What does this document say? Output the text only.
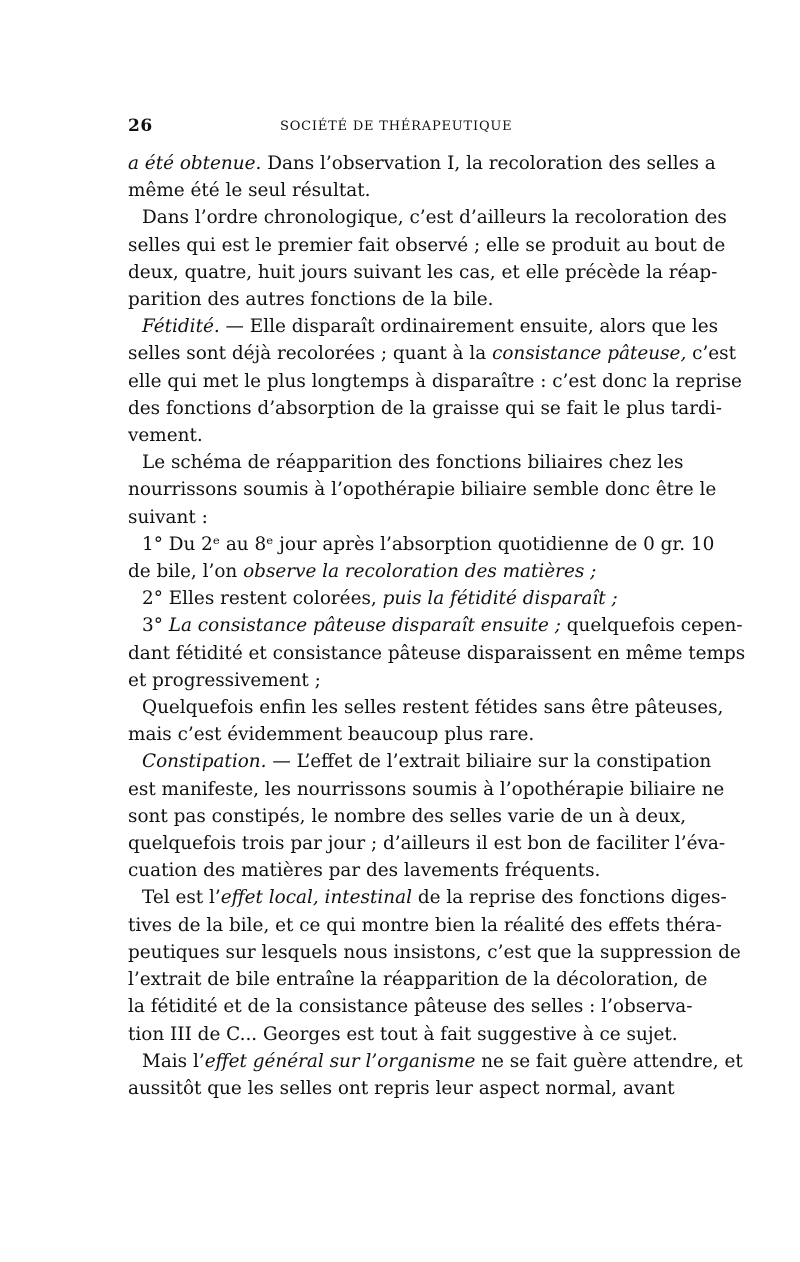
26	SOCIÉTÉ DE THÉRAPEUTIQUE
a été obtenue. Dans l’observation I, la recoloration des selles a
même été le seul résultat.
Dans l’ordre chronologique, c’est d’ailleurs la recoloration des
selles qui est le premier fait observé ; elle se produit au bout de
deux, quatre, huit jours suivant les cas, et elle précède la réap-
parition des autres fonctions de la bile.
Fétidité. — Elle disparaît ordinairement ensuite, alors que les
selles sont déjà recolorées ; quant à la consistance pâteuse, c’est
elle qui met le plus longtemps à disparaître : c’est donc la reprise
des fonctions d’absorption de la graisse qui se fait le plus tardi-
vement.
Le schéma de réapparition des fonctions biliaires chez les
nourrissons soumis à l’opothérapie biliaire semble donc être le
suivant :
1° Du 2ᵉ au 8ᵉ jour après l’absorption quotidienne de 0 gr. 10
de bile, l’on observe la recoloration des matières ;
2° Elles restent colorées, puis la fétidité disparaît ;
3° La consistance pâteuse disparaît ensuite ; quelquefois cepen-
dant fétidité et consistance pâteuse disparaissent en même temps
et progressivement ;
Quelquefois enfin les selles restent fétides sans être pâteuses,
mais c’est évidemment beaucoup plus rare.
Constipation. — L’effet de l’extrait biliaire sur la constipation
est manifeste, les nourrissons soumis à l’opothérapie biliaire ne
sont pas constipés, le nombre des selles varie de un à deux,
quelquefois trois par jour ; d’ailleurs il est bon de faciliter l’éva-
cuation des matières par des lavements fréquents.
Tel est l’effet local, intestinal de la reprise des fonctions diges-
tives de la bile, et ce qui montre bien la réalité des effets théra-
peutiques sur lesquels nous insistons, c’est que la suppression de
l’extrait de bile entraîne la réapparition de la décoloration, de
la fétidité et de la consistance pâteuse des selles : l’observa-
tion III de C... Georges est tout à fait suggestive à ce sujet.
Mais l’effet général sur l’organisme ne se fait guère attendre, et
aussitôt que les selles ont repris leur aspect normal, avant
